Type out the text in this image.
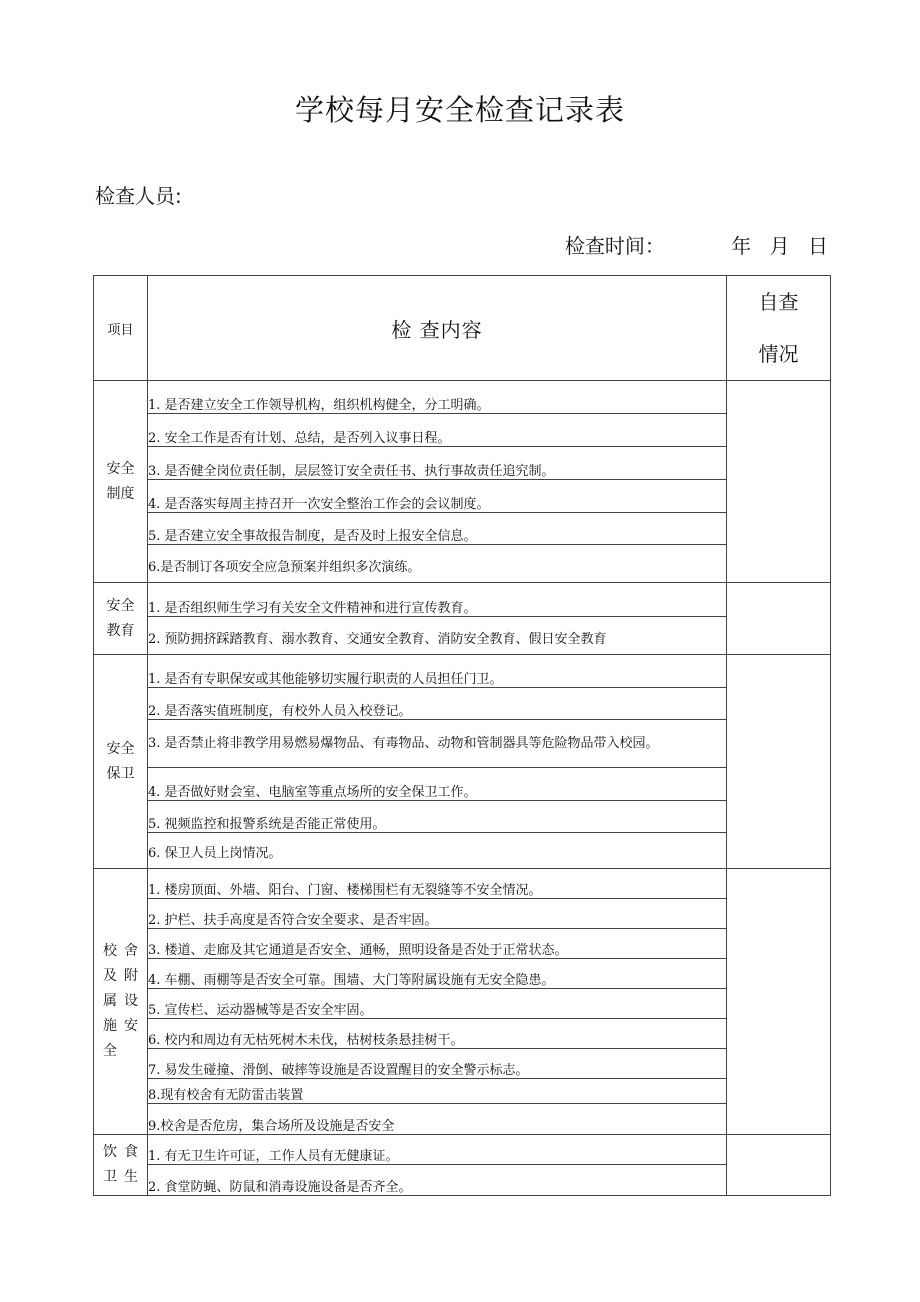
学校每月安全检查记录表
检查人员:
检查时间：	年 月 日
项目	检 查内容	自查
情况

安全制度	1. 是否建立安全工作领导机构，组织机构健全，分工明确。	
	2. 安全工作是否有计划、总结，是否列入议事日程。	
	3. 是否健全岗位责任制，层层签订安全责任书、执行事故责任追究制。	
	4. 是否落实每周主持召开一次安全整治工作会的会议制度。	
	5. 是否建立安全事故报告制度，是否及时上报安全信息。	
	6.是否制订各项安全应急预案并组织多次演练。	
安全教育	1. 是否组织师生学习有关安全文件精神和进行宣传教育。	
	2. 预防拥挤踩踏教育、溺水教育、交通安全教育、消防安全教育、假日安全教育	
安全保卫	1. 是否有专职保安或其他能够切实履行职责的人员担任门卫。	
	2. 是否落实值班制度，有校外人员入校登记。	
	3. 是否禁止将非教学用易燃易爆物品、有毒物品、动物和管制器具等危险物品带入校园。	
	4. 是否做好财会室、电脑室等重点场所的安全保卫工作。	
	5. 视频监控和报警系统是否能正常使用。	
	6. 保卫人员上岗情况。	
校舍及附属设施安全	1. 楼房顶面、外墙、阳台、门窗、楼梯围栏有无裂缝等不安全情况。	
	2. 护栏、扶手高度是否符合安全要求、是否牢固。	
	3. 楼道、走廊及其它通道是否安全、通畅，照明设备是否处于正常状态。	
	4. 车棚、雨棚等是否安全可靠。围墙、大门等附属设施有无安全隐患。	
	5. 宣传栏、运动器械等是否安全牢固。	
	6. 校内和周边有无枯死树木未伐，枯树枝条悬挂树干。	
	7. 易发生碰撞、滑倒、破摔等设施是否设置醒目的安全警示标志。	
	8.现有校舍有无防雷击装置	
	9.校舍是否危房，集合场所及设施是否安全	
饮食卫生	1. 有无卫生许可证，工作人员有无健康证。	
	2. 食堂防蝇、防鼠和消毒设施设备是否齐全。	
